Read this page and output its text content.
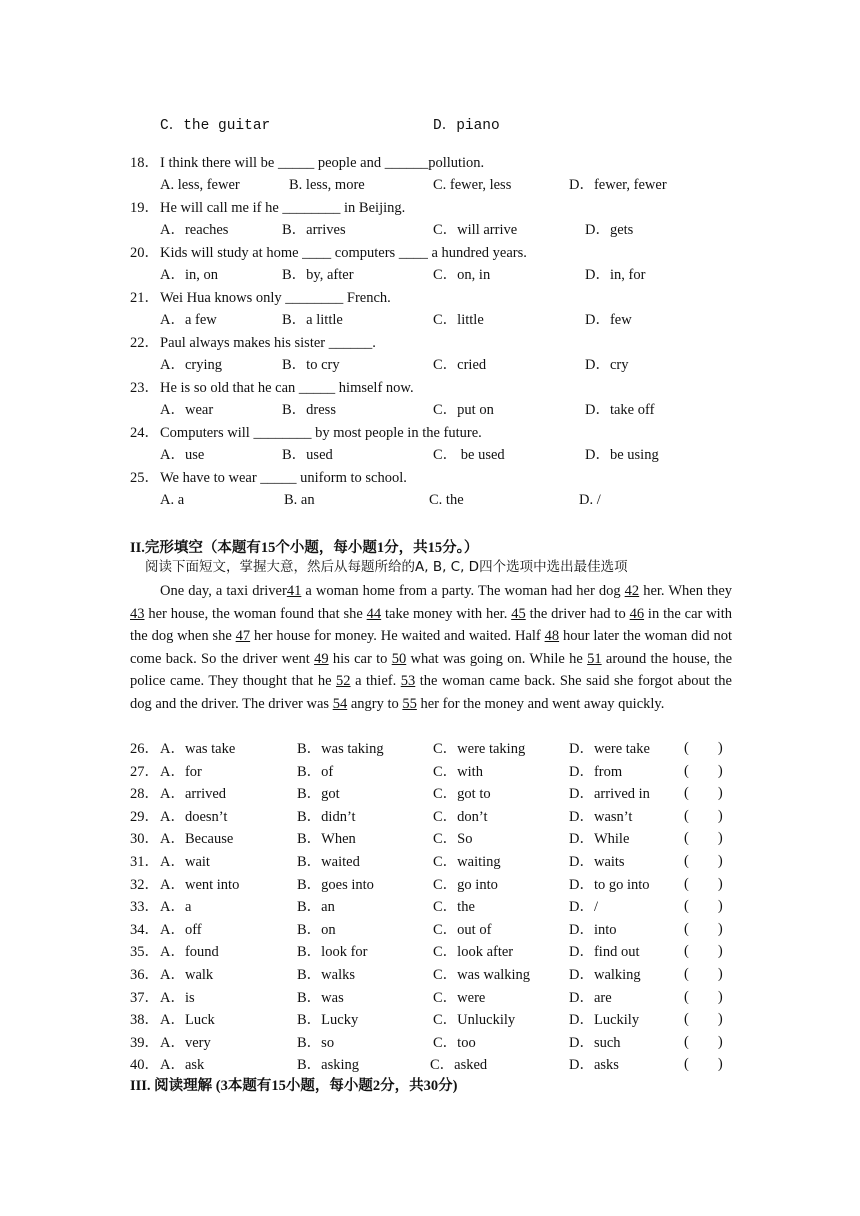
C．the guitar	D．piano
18． I think there will be _____ people and ______pollution.
A. less, fewer	B. less, more	C. fewer, less	D．fewer, fewer
19． He will call me if he ________ in Beijing.
A．reaches	B．arrives	C．will arrive	D．gets
20． Kids will study at home ____ computers ____ a hundred years.
A．in, on	B．by, after	C．on, in	D．in, for
21． Wei Hua knows only ________ French.
A．a few	B．a little	C．little	D．few
22． Paul always makes his sister ______.
A．crying	B．to cry	C．cried	D．cry
23． He is so old that he can _____ himself now.
A．wear	B．dress	C．put on	D．take off
24． Computers will ________ by most people in the future.
A．use	B．used	C． be used	D．be using
25． We have to wear _____ uniform to school.
A. a	B. an	C. the	D. /
II.完形填空（本题有15个小题，每小题1分，共15分。）
阅读下面短文，掌握大意，然后从每题所给的A, B, C, D四个选项中选出最佳选项
One day, a taxi driver41 a woman home from a party. The woman had her dog 42 her. When they 43 her house, the woman found that she 44 take money with her. 45 the driver had to 46 in the car with the dog when she 47 her house for money. He waited and waited. Half 48 hour later the woman did not come back. So the driver went 49 his car to 50 what was going on. While he 51 around the house, the police came. They thought that he 52 a thief. 53 the woman came back. She said she forgot about the dog and the driver. The driver was 54 angry to 55 her for the money and went away quickly.
26． A．was take	B．was taking	C．were taking	D．were take (        )
27． A．for	B．of	C．with	D．from	(        )
28． A．arrived	B．got	C．got to	D．arrived in (        )
29． A．doesn’t	B．didn’t	C．don’t	D．wasn’t	(        )
30． A．Because	B．When	C．So	D．While	(        )
31． A．wait	B．waited	C．waiting	D．waits	(        )
32． A．went into	B．goes into	C．go into	D．to go into (        )
33． A．a	B．an	C．the	D．/	(        )
34． A．off	B．on	C．out of	D．into	(        )
35． A．found	B．look for	C．look after	D．find out	(        )
36． A．walk	B．walks	C．was walking	D．walking	(        )
37． A．is	B．was	C．were	D．are	(        )
38． A．Luck	B．Lucky	C．Unluckily	D．Luckily	(        )
39． A．very	B．so	C．too	D．such	(        )
40． A．ask	B．asking	C．asked	D．asks	(        )
III. 阅读理解 (3本题有15小题，每小题2分，共30分)
